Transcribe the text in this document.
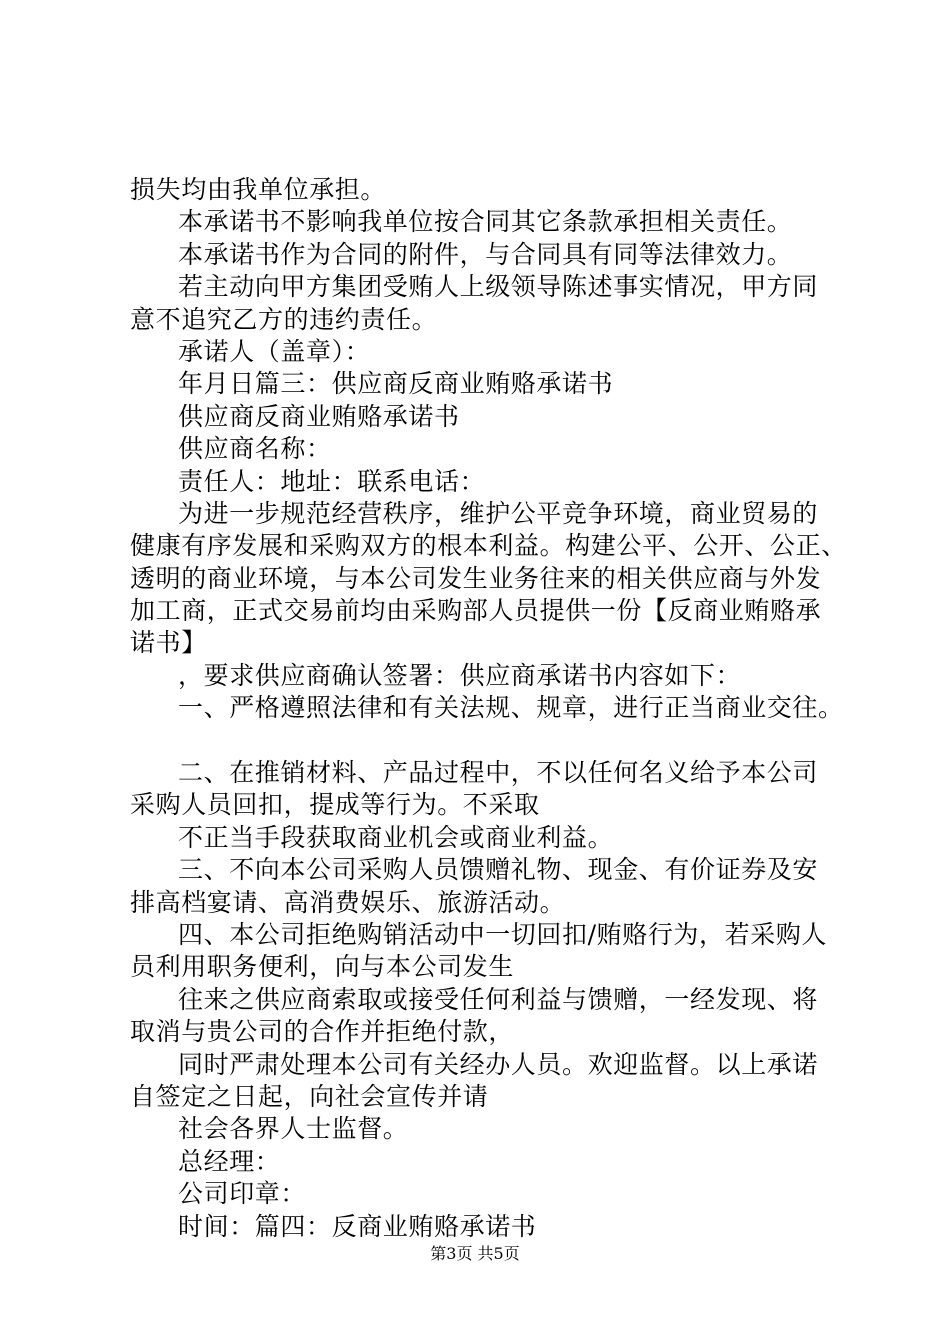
损失均由我单位承担。
本承诺书不影响我单位按合同其它条款承担相关责任。
本承诺书作为合同的附件，与合同具有同等法律效力。
若主动向甲方集团受贿人上级领导陈述事实情况，甲方同
意不追究乙方的违约责任。
承诺人（盖章）：
年月日篇三：供应商反商业贿赂承诺书
供应商反商业贿赂承诺书
供应商名称：
责任人：地址：联系电话：
为进一步规范经营秩序，维护公平竞争环境，商业贸易的
健康有序发展和采购双方的根本利益。构建公平、公开、公正、
透明的商业环境，与本公司发生业务往来的相关供应商与外发
加工商，正式交易前均由采购部人员提供一份【反商业贿赂承
诺书】
，要求供应商确认签署：供应商承诺书内容如下：
一、严格遵照法律和有关法规、规章，进行正当商业交往。
二、在推销材料、产品过程中，不以任何名义给予本公司
采购人员回扣，提成等行为。不采取
不正当手段获取商业机会或商业利益。
三、不向本公司采购人员馈赠礼物、现金、有价证券及安
排高档宴请、高消费娱乐、旅游活动。
四、本公司拒绝购销活动中一切回扣/贿赂行为，若采购人
员利用职务便利，向与本公司发生
往来之供应商索取或接受任何利益与馈赠，一经发现、将
取消与贵公司的合作并拒绝付款，
同时严肃处理本公司有关经办人员。欢迎监督。以上承诺
自签定之日起，向社会宣传并请
社会各界人士监督。
总经理：
公司印章：
时间：篇四：反商业贿赂承诺书
第3页 共5页
